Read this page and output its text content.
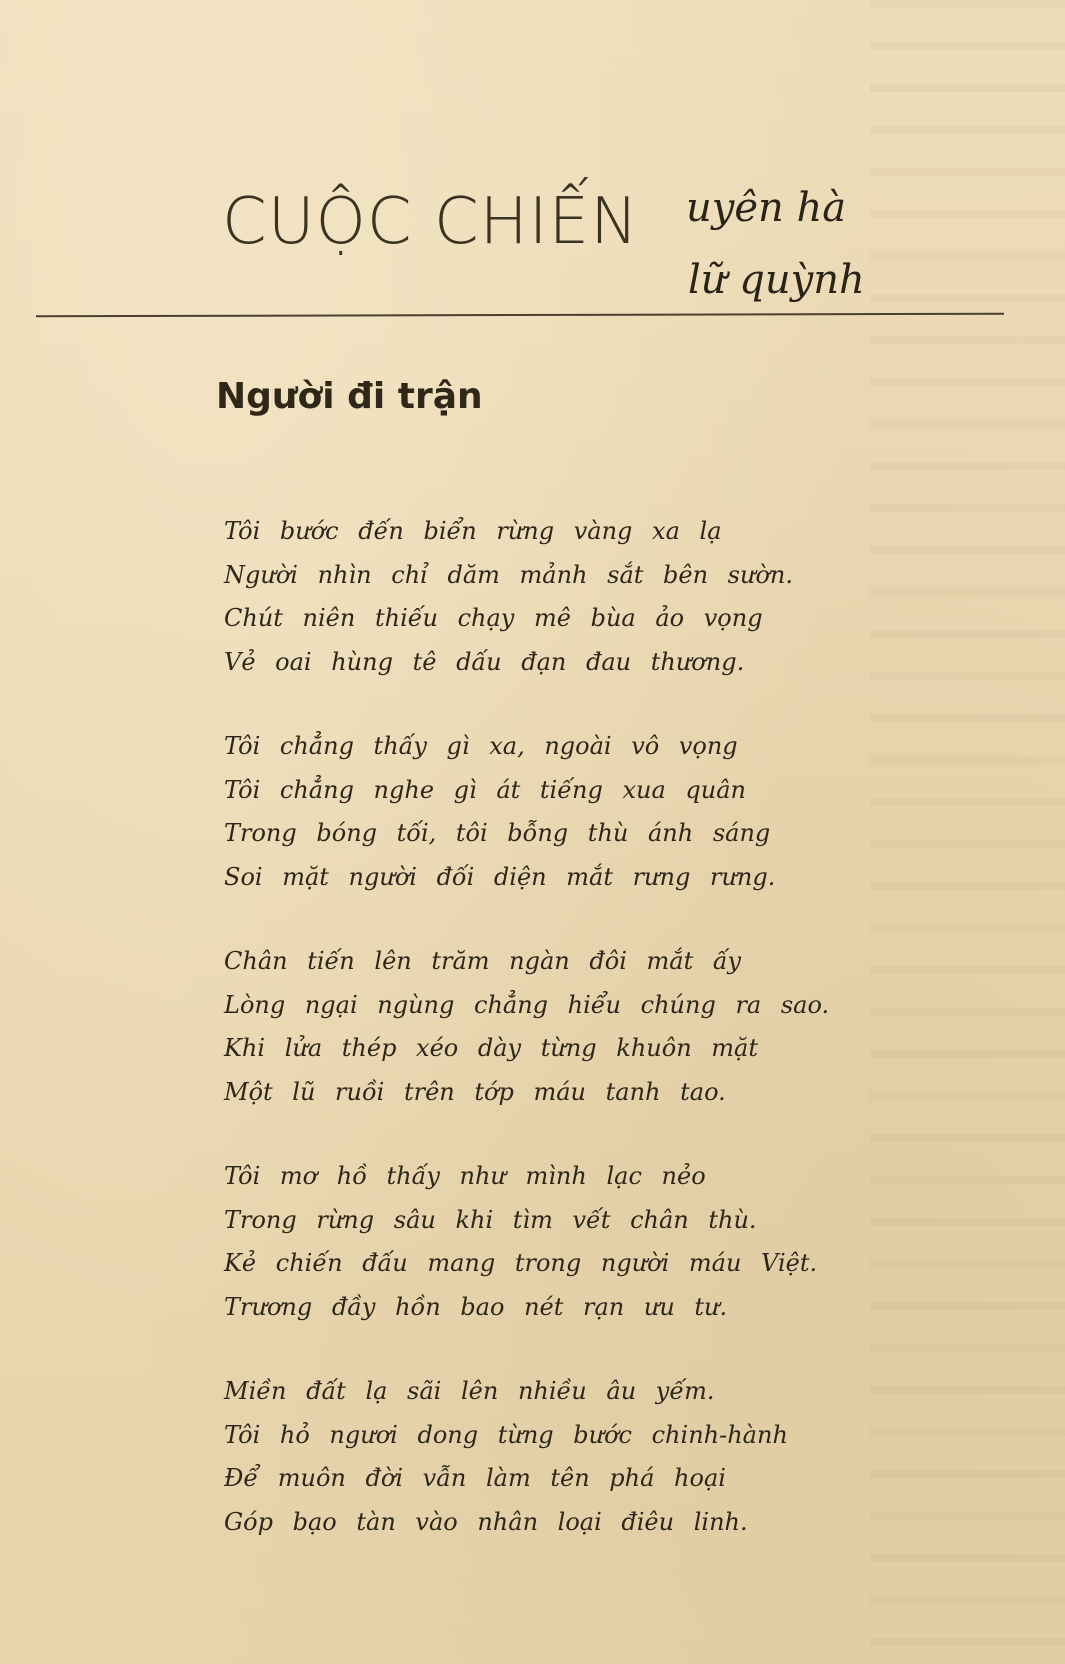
CUỘC CHIẾN uyên hà
lữ quỳnh
Người đi trận
Tôi bước đến biển rừng vàng xa lạ
Người nhìn chỉ dăm mảnh sắt bên sườn.
Chút niên thiếu chạy mê bùa ảo vọng
Vẻ oai hùng tê dấu đạn đau thương.
Tôi chẳng thấy gì xa, ngoài vô vọng
Tôi chẳng nghe gì át tiếng xua quân
Trong bóng tối, tôi bỗng thù ánh sáng
Soi mặt người đối diện mắt rưng rưng.
Chân tiến lên trăm ngàn đôi mắt ấy
Lòng ngại ngùng chẳng hiểu chúng ra sao.
Khi lửa thép xéo dày từng khuôn mặt
Một lũ ruồi trên tớp máu tanh tao.
Tôi mơ hồ thấy như mình lạc nẻo
Trong rừng sâu khi tìm vết chân thù.
Kẻ chiến đấu mang trong người máu Việt.
Trương đầy hồn bao nét rạn ưu tư.
Miền đất lạ sãi lên nhiều âu yếm.
Tôi hỏ ngươi dong từng bước chinh-hành
Để muôn đời vẫn làm tên phá hoại
Góp bạo tàn vào nhân loại điêu linh.
